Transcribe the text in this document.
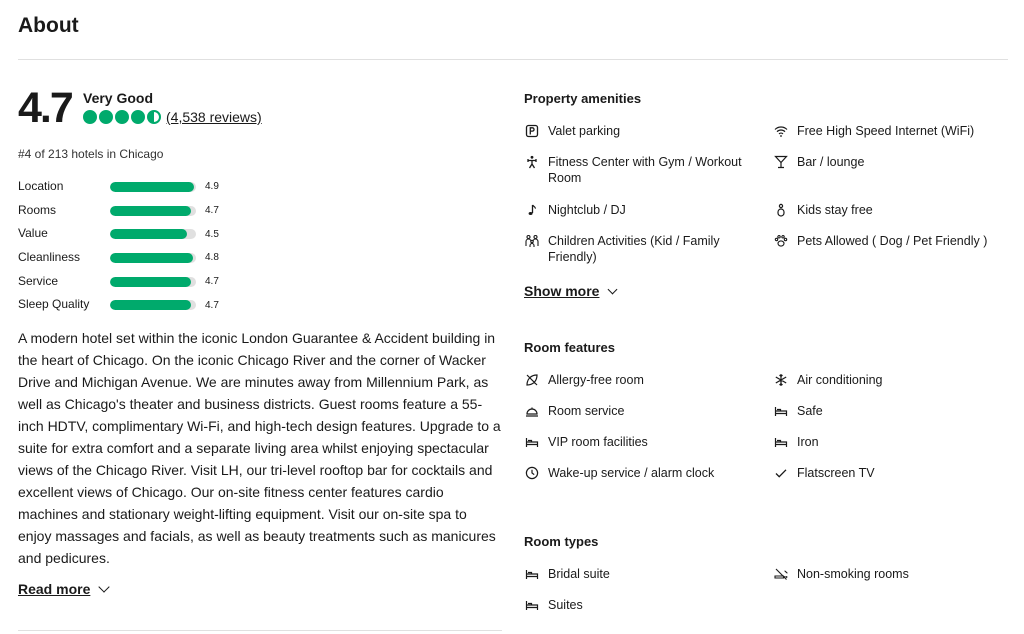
About
4.7 Very Good
(4,538 reviews)
#4 of 213 hotels in Chicago
Location	4.9
Rooms	4.7
Value	4.5
Cleanliness	4.8
Service	4.7
Sleep Quality	4.7

A modern hotel set within the iconic London Guarantee & Accident building in the heart of Chicago. On the iconic Chicago River and the corner of Wacker Drive and Michigan Avenue. We are minutes away from Millennium Park, as well as Chicago's theater and business districts. Guest rooms feature a 55-inch HDTV, complimentary Wi-Fi, and high-tech design features. Upgrade to a suite for extra comfort and a separate living area whilst enjoying spectacular views of the Chicago River. Visit LH, our tri-level rooftop bar for cocktails and excellent views of Chicago. Our on-site fitness center features cardio machines and stationary weight-lifting equipment. Visit our on-site spa to enjoy massages and facials, as well as beauty treatments such as manicures and pedicures.

Read more
Property amenities
Valet parking	Free High Speed Internet (WiFi)
Fitness Center with Gym / Workout Room
Bar / lounge
Nightclub / DJ	Kids stay free
Children Activities (Kid / Family Friendly)
Pets Allowed ( Dog / Pet Friendly )
Show more
Room features
Allergy-free room	Air conditioning
Room service	Safe
VIP room facilities	Iron
Wake-up service / alarm clock	Flatscreen TV
Room types
Bridal suite	Non-smoking rooms
Suites
